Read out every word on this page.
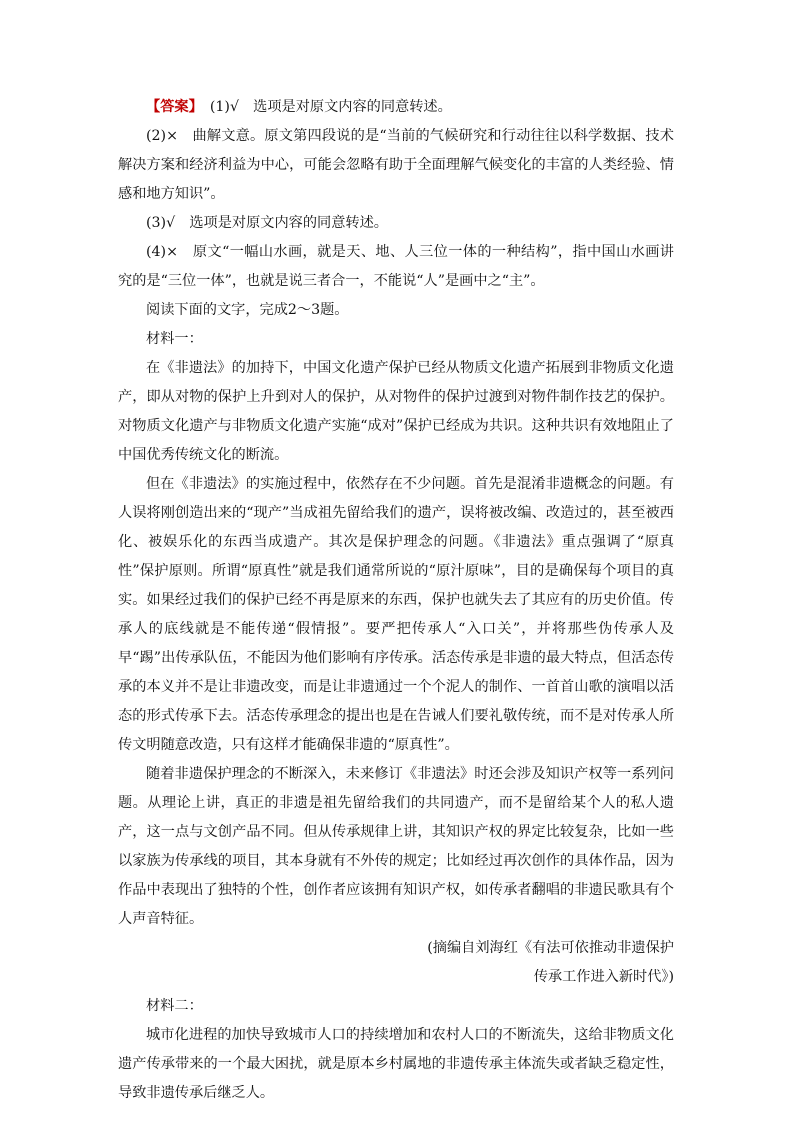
【答案】　 (1)√　选项是对原文内容的同意转述。

(2)×　曲解文意。原文第四段说的是“当前的气候研究和行动往往以科学数据、技术解决方案和经济利益为中心，可能会忽略有助于全面理解气候变化的丰富的人类经验、情感和地方知识”。

(3)√　选项是对原文内容的同意转述。

(4)×　原文“一幅山水画，就是天、地、人三位一体的一种结构”，指中国山水画讲究的是“三位一体”，也就是说三者合一，不能说“人”是画中之“主”。

阅读下面的文字，完成2～3题。

材料一：

在《非遗法》的加持下，中国文化遗产保护已经从物质文化遗产拓展到非物质文化遗产，即从对物的保护上升到对人的保护，从对物件的保护过渡到对物件制作技艺的保护。对物质文化遗产与非物质文化遗产实施“成对”保护已经成为共识。这种共识有效地阻止了中国优秀传统文化的断流。

但在《非遗法》的实施过程中，依然存在不少问题。首先是混淆非遗概念的问题。有人误将刚创造出来的“现产”当成祖先留给我们的遗产，误将被改编、改造过的，甚至被西化、被娱乐化的东西当成遗产。其次是保护理念的问题。《非遗法》重点强调了“原真性”保护原则。所谓“原真性”就是我们通常所说的“原汁原味”，目的是确保每个项目的真实。如果经过我们的保护已经不再是原来的东西，保护也就失去了其应有的历史价值。传承人的底线就是不能传递“假情报”。要严把传承人“入口关”，并将那些伪传承人及早“踢”出传承队伍，不能因为他们影响有序传承。活态传承是非遗的最大特点，但活态传承的本义并不是让非遗改变，而是让非遗通过一个个泥人的制作、一首首山歌的演唱以活态的形式传承下去。活态传承理念的提出也是在告诫人们要礼敬传统，而不是对传承人所传文明随意改造，只有这样才能确保非遗的“原真性”。

随着非遗保护理念的不断深入，未来修订《非遗法》时还会涉及知识产权等一系列问题。从理论上讲，真正的非遗是祖先留给我们的共同遗产，而不是留给某个人的私人遗产，这一点与文创产品不同。但从传承规律上讲，其知识产权的界定比较复杂，比如一些以家族为传承线的项目，其本身就有不外传的规定；比如经过再次创作的具体作品，因为作品中表现出了独特的个性，创作者应该拥有知识产权，如传承者翻唱的非遗民歌具有个人声音特征。

(摘编自刘海红《有法可依推动非遗保护

传承工作进入新时代》)

材料二：

城市化进程的加快导致城市人口的持续增加和农村人口的不断流失，这给非物质文化遗产传承带来的一个最大困扰，就是原本乡村属地的非遗传承主体流失或者缺乏稳定性，导致非遗传承后继乏人。
